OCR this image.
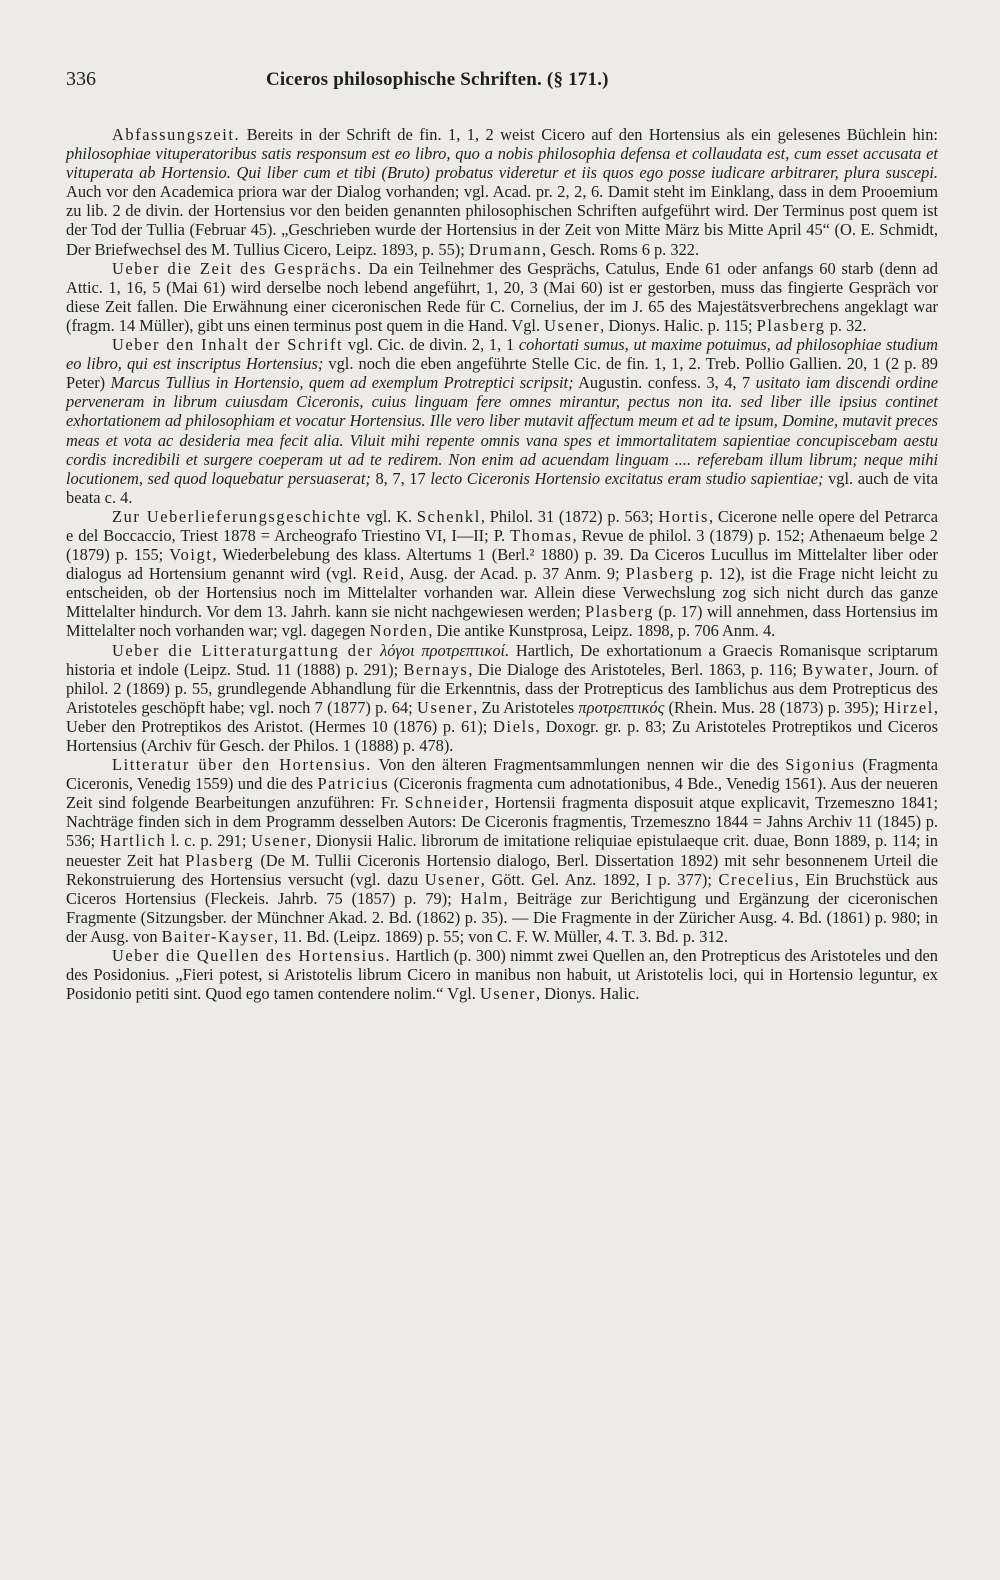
336	Ciceros philosophische Schriften. (§ 171.)

Abfassungszeit. Bereits in der Schrift de fin. 1, 1, 2 weist Cicero auf den Hortensius als ein gelesenes Büchlein hin: philosophiae vituperatoribus satis responsum est eo libro, quo a nobis philosophia defensa et collaudata est, cum esset accusata et vituperata ab Hortensio. Qui liber cum et tibi (Bruto) probatus videretur et iis quos ego posse iudicare arbitrarer, plura suscepi. Auch vor den Academica priora war der Dialog vorhanden; vgl. Acad. pr. 2, 2, 6. Damit steht im Einklang, dass in dem Prooemium zu lib. 2 de divin. der Hortensius vor den beiden genannten philosophischen Schriften aufgeführt wird. Der Terminus post quem ist der Tod der Tullia (Februar 45). „Geschrieben wurde der Hortensius in der Zeit von Mitte März bis Mitte April 45“ (O. E. Schmidt, Der Briefwechsel des M. Tullius Cicero, Leipz. 1893, p. 55); Drumann, Gesch. Roms 6 p. 322.

Ueber die Zeit des Gesprächs. Da ein Teilnehmer des Gesprächs, Catulus, Ende 61 oder anfangs 60 starb (denn ad Attic. 1, 16, 5 (Mai 61) wird derselbe noch lebend angeführt, 1, 20, 3 (Mai 60) ist er gestorben, muss das fingierte Gespräch vor diese Zeit fallen. Die Erwähnung einer ciceronischen Rede für C. Cornelius, der im J. 65 des Majestätsverbrechens angeklagt war (fragm. 14 Müller), gibt uns einen terminus post quem in die Hand. Vgl. Usener, Dionys. Halic. p. 115; Plasberg p. 32.

Ueber den Inhalt der Schrift vgl. Cic. de divin. 2, 1, 1 cohortati sumus, ut maxime potuimus, ad philosophiae studium eo libro, qui est inscriptus Hortensius; vgl. noch die eben angeführte Stelle Cic. de fin. 1, 1, 2. Treb. Pollio Gallien. 20, 1 (2 p. 89 Peter) Marcus Tullius in Hortensio, quem ad exemplum Protreptici scripsit; Augustin. confess. 3, 4, 7 usitato iam discendi ordine perveneram in librum cuiusdam Ciceronis, cuius linguam fere omnes mirantur, pectus non ita. sed liber ille ipsius continet exhortationem ad philosophiam et vocatur Hortensius. Ille vero liber mutavit affectum meum et ad te ipsum, Domine, mutavit preces meas et vota ac desideria mea fecit alia. Viluit mihi repente omnis vana spes et immortalitatem sapientiae concupiscebam aestu cordis incredibili et surgere coeperam ut ad te redirem. Non enim ad acuendam linguam .... referebam illum librum; neque mihi locutionem, sed quod loquebatur persuaserat; 8, 7, 17 lecto Ciceronis Hortensio excitatus eram studio sapientiae; vgl. auch de vita beata c. 4.

Zur Ueberlieferungsgeschichte vgl. K. Schenkl, Philol. 31 (1872) p. 563; Hortis, Cicerone nelle opere del Petrarca e del Boccaccio, Triest 1878 = Archeografo Triestino VI, I—II; P. Thomas, Revue de philol. 3 (1879) p. 152; Athenaeum belge 2 (1879) p. 155; Voigt, Wiederbelebung des klass. Altertums 1 (Berl.² 1880) p. 39. Da Ciceros Lucullus im Mittelalter liber oder dialogus ad Hortensium genannt wird (vgl. Reid, Ausg. der Acad. p. 37 Anm. 9; Plasberg p. 12), ist die Frage nicht leicht zu entscheiden, ob der Hortensius noch im Mittelalter vorhanden war. Allein diese Verwechslung zog sich nicht durch das ganze Mittelalter hindurch. Vor dem 13. Jahrh. kann sie nicht nachgewiesen werden; Plasberg (p. 17) will annehmen, dass Hortensius im Mittelalter noch vorhanden war; vgl. dagegen Norden, Die antike Kunstprosa, Leipz. 1898, p. 706 Anm. 4.

Ueber die Litteraturgattung der λόγοι προτρεπτικοί. Hartlich, De exhortationum a Graecis Romanisque scriptarum historia et indole (Leipz. Stud. 11 (1888) p. 291); Bernays, Die Dialoge des Aristoteles, Berl. 1863, p. 116; Bywater, Journ. of philol. 2 (1869) p. 55, grundlegende Abhandlung für die Erkenntnis, dass der Protrepticus des Iamblichus aus dem Protrepticus des Aristoteles geschöpft habe; vgl. noch 7 (1877) p. 64; Usener, Zu Aristoteles προτρεπτικός (Rhein. Mus. 28 (1873) p. 395); Hirzel, Ueber den Protreptikos des Aristot. (Hermes 10 (1876) p. 61); Diels, Doxogr. gr. p. 83; Zu Aristoteles Protreptikos und Ciceros Hortensius (Archiv für Gesch. der Philos. 1 (1888) p. 478).

Litteratur über den Hortensius. Von den älteren Fragmentsammlungen nennen wir die des Sigonius (Fragmenta Ciceronis, Venedig 1559) und die des Patricius (Ciceronis fragmenta cum adnotationibus, 4 Bde., Venedig 1561). Aus der neueren Zeit sind folgende Bearbeitungen anzuführen: Fr. Schneider, Hortensii fragmenta disposuit atque explicavit, Trzemeszno 1841; Nachträge finden sich in dem Programm desselben Autors: De Ciceronis fragmentis, Trzemeszno 1844 = Jahns Archiv 11 (1845) p. 536; Hartlich l. c. p. 291; Usener, Dionysii Halic. librorum de imitatione reliquiae epistulaeque crit. duae, Bonn 1889, p. 114; in neuester Zeit hat Plasberg (De M. Tullii Ciceronis Hortensio dialogo, Berl. Dissertation 1892) mit sehr besonnenem Urteil die Rekonstruierung des Hortensius versucht (vgl. dazu Usener, Gött. Gel. Anz. 1892, I p. 377); Crecelius, Ein Bruchstück aus Ciceros Hortensius (Fleckeis. Jahrb. 75 (1857) p. 79); Halm, Beiträge zur Berichtigung und Ergänzung der ciceronischen Fragmente (Sitzungsber. der Münchner Akad. 2. Bd. (1862) p. 35). — Die Fragmente in der Züricher Ausg. 4. Bd. (1861) p. 980; in der Ausg. von Baiter-Kayser, 11. Bd. (Leipz. 1869) p. 55; von C. F. W. Müller, 4. T. 3. Bd. p. 312.

Ueber die Quellen des Hortensius. Hartlich (p. 300) nimmt zwei Quellen an, den Protrepticus des Aristoteles und den des Posidonius. „Fieri potest, si Aristotelis librum Cicero in manibus non habuit, ut Aristotelis loci, qui in Hortensio leguntur, ex Posidonio petiti sint. Quod ego tamen contendere nolim.“ Vgl. Usener, Dionys. Halic.
